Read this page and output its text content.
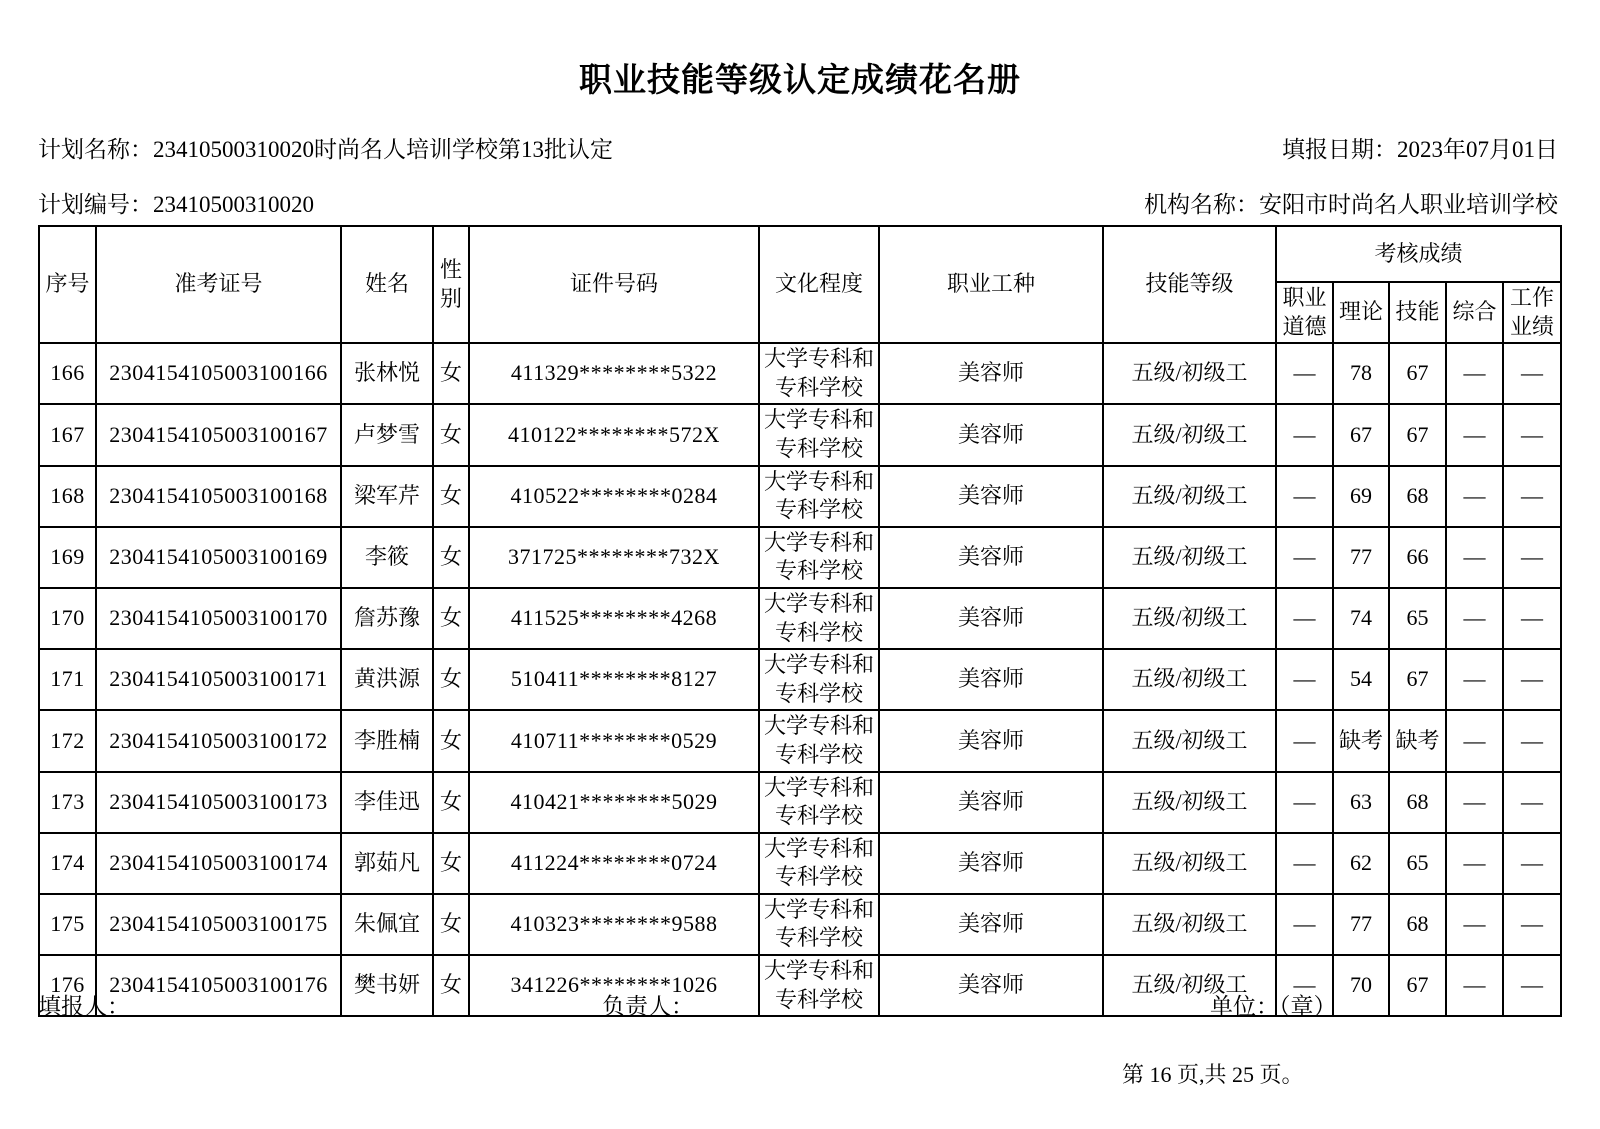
职业技能等级认定成绩花名册
计划名称：23410500310020时尚名人培训学校第13批认定	填报日期：2023年07月01日
计划编号：23410500310020	机构名称：安阳市时尚名人职业培训学校
序号	准考证号	姓名	性别	证件号码	文化程度	职业工种	技能等级	考核成绩				
								职业道德	理论	技能	综合	工作业绩
166	2304154105003100166	张林悦	女	411329********5322	大学专科和专科学校	美容师	五级/初级工	—	78	67	—	—
167	2304154105003100167	卢梦雪	女	410122********572X	大学专科和专科学校	美容师	五级/初级工	—	67	67	—	—
168	2304154105003100168	梁军芹	女	410522********0284	大学专科和专科学校	美容师	五级/初级工	—	69	68	—	—
169	2304154105003100169	李筱	女	371725********732X	大学专科和专科学校	美容师	五级/初级工	—	77	66	—	—
170	2304154105003100170	詹苏豫	女	411525********4268	大学专科和专科学校	美容师	五级/初级工	—	74	65	—	—
171	2304154105003100171	黄洪源	女	510411********8127	大学专科和专科学校	美容师	五级/初级工	—	54	67	—	—
172	2304154105003100172	李胜楠	女	410711********0529	大学专科和专科学校	美容师	五级/初级工	—	缺考	缺考	—	—
173	2304154105003100173	李佳迅	女	410421********5029	大学专科和专科学校	美容师	五级/初级工	—	63	68	—	—
174	2304154105003100174	郭茹凡	女	411224********0724	大学专科和专科学校	美容师	五级/初级工	—	62	65	—	—
175	2304154105003100175	朱佩宜	女	410323********9588	大学专科和专科学校	美容师	五级/初级工	—	77	68	—	—
176	2304154105003100176	樊书妍	女	341226********1026	大学专科和专科学校	美容师	五级/初级工	—	70	67	—	—
填报人：	负责人：	单位：（章）
第 16 页,共 25 页。
